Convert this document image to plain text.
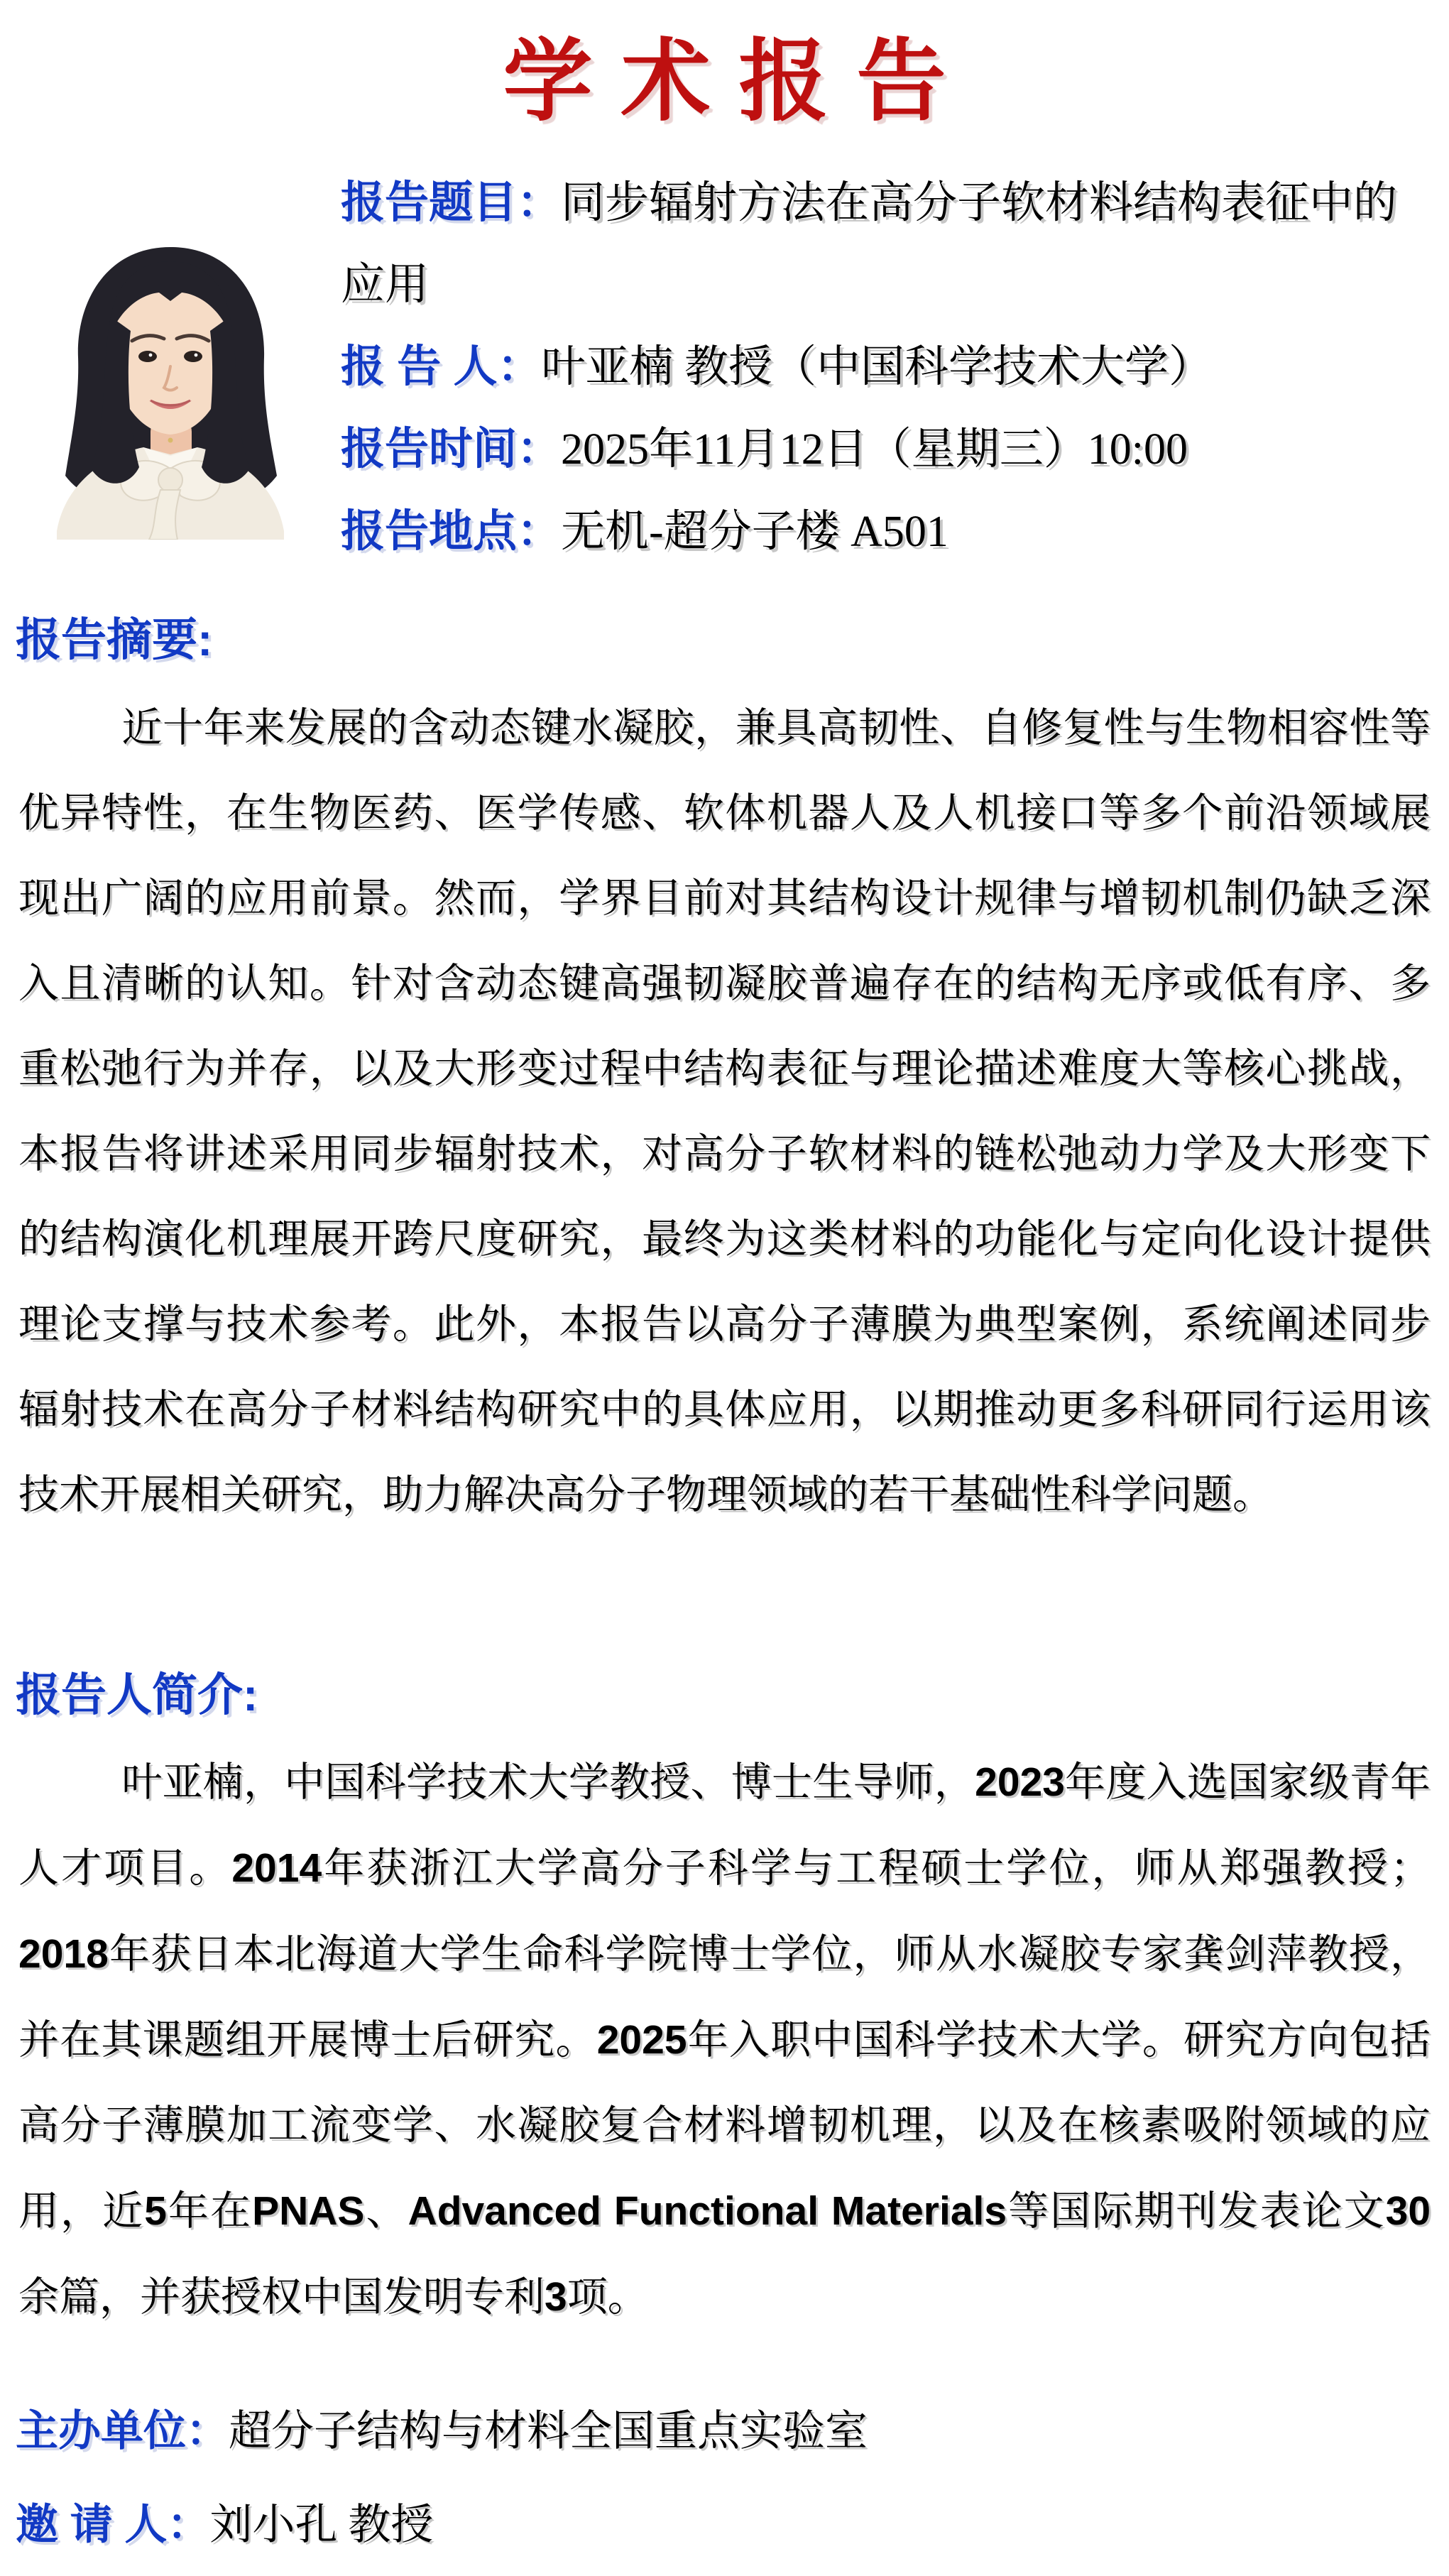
学术报告
报告题目：同步辐射方法在高分子软材料结构表征中的应用
报 告 人：叶亚楠 教授（中国科学技术大学）
报告时间：2025年11月12日（星期三）10:00
报告地点：无机-超分子楼 A501
报告摘要:
近十年来发展的含动态键水凝胶，兼具高韧性、自修复性与生物相容性等优异特性，在生物医药、医学传感、软体机器人及人机接口等多个前沿领域展现出广阔的应用前景。然而，学界目前对其结构设计规律与增韧机制仍缺乏深入且清晰的认知。针对含动态键高强韧凝胶普遍存在的结构无序或低有序、多重松弛行为并存，以及大形变过程中结构表征与理论描述难度大等核心挑战，本报告将讲述采用同步辐射技术，对高分子软材料的链松弛动力学及大形变下的结构演化机理展开跨尺度研究，最终为这类材料的功能化与定向化设计提供理论支撑与技术参考。此外，本报告以高分子薄膜为典型案例，系统阐述同步辐射技术在高分子材料结构研究中的具体应用，以期推动更多科研同行运用该技术开展相关研究，助力解决高分子物理领域的若干基础性科学问题。
报告人简介:
叶亚楠，中国科学技术大学教授、博士生导师，2023年度入选国家级青年人才项目。2014年获浙江大学高分子科学与工程硕士学位，师从郑强教授；2018年获日本北海道大学生命科学院博士学位，师从水凝胶专家龚剑萍教授，并在其课题组开展博士后研究。2025年入职中国科学技术大学。研究方向包括高分子薄膜加工流变学、水凝胶复合材料增韧机理，以及在核素吸附领域的应用，近5年在PNAS、Advanced Functional Materials等国际期刊发表论文30余篇，并获授权中国发明专利3项。
主办单位：超分子结构与材料全国重点实验室
邀 请 人：刘小孔 教授
